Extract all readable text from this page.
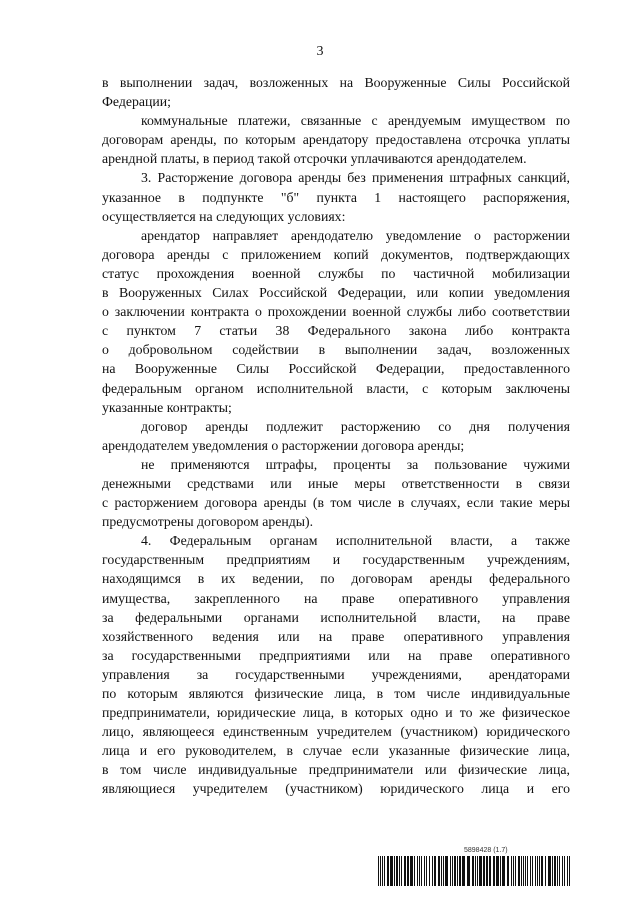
3
в выполнении задач, возложенных на Вооруженные Силы Российской
Федерации;
коммунальные платежи, связанные с арендуемым имуществом по
договорам аренды, по которым арендатору предоставлена отсрочка уплаты
арендной платы, в период такой отсрочки уплачиваются арендодателем.
3. Расторжение договора аренды без применения штрафных санкций,
указанное в подпункте "б" пункта 1 настоящего распоряжения,
осуществляется на следующих условиях:
арендатор направляет арендодателю уведомление о расторжении
договора аренды с приложением копий документов, подтверждающих
статус прохождения военной службы по частичной мобилизации
в Вооруженных Силах Российской Федерации, или копии уведомления
о заключении контракта о прохождении военной службы либо соответствии
с пунктом 7 статьи 38 Федерального закона либо контракта
о добровольном содействии в выполнении задач, возложенных
на Вооруженные Силы Российской Федерации, предоставленного
федеральным органом исполнительной власти, с которым заключены
указанные контракты;
договор аренды подлежит расторжению со дня получения
арендодателем уведомления о расторжении договора аренды;
не применяются штрафы, проценты за пользование чужими
денежными средствами или иные меры ответственности в связи
с расторжением договора аренды (в том числе в случаях, если такие меры
предусмотрены договором аренды).
4. Федеральным органам исполнительной власти, а также
государственным предприятиям и государственным учреждениям,
находящимся в их ведении, по договорам аренды федерального
имущества, закрепленного на праве оперативного управления
за федеральными органами исполнительной власти, на праве
хозяйственного ведения или на праве оперативного управления
за государственными предприятиями или на праве оперативного
управления за государственными учреждениями, арендаторами
по которым являются физические лица, в том числе индивидуальные
предприниматели, юридические лица, в которых одно и то же физическое
лицо, являющееся единственным учредителем (участником) юридического
лица и его руководителем, в случае если указанные физические лица,
в том числе индивидуальные предприниматели или физические лица,
являющиеся учредителем (участником) юридического лица и его
5898428 (1.7)
